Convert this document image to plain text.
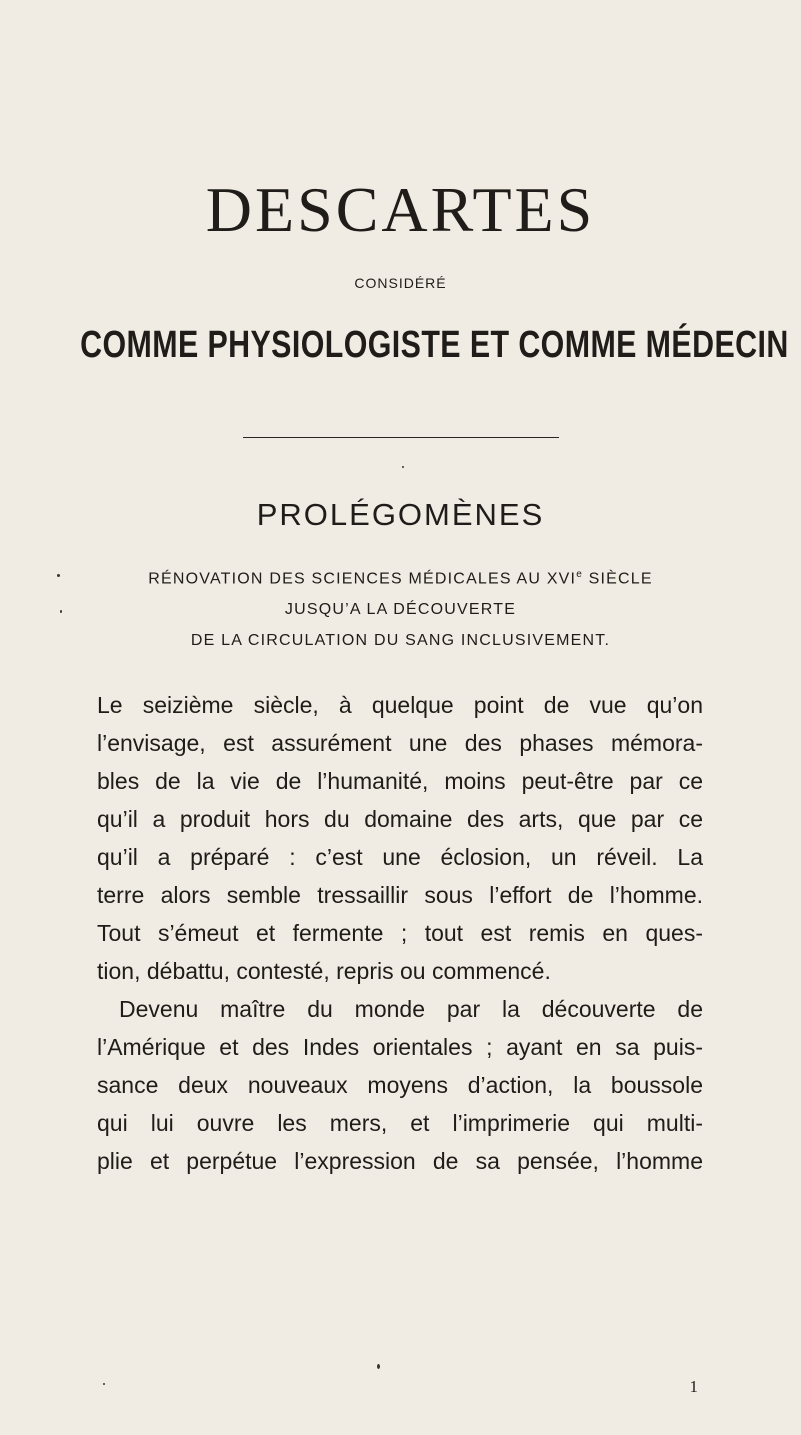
DESCARTES
CONSIDÉRÉ
COMME PHYSIOLOGISTE ET COMME MÉDECIN
PROLÉGOMÈNES
RÉNOVATION DES SCIENCES MÉDICALES AU XVIe SIÈCLE
JUSQU’A LA DÉCOUVERTE
DE LA CIRCULATION DU SANG INCLUSIVEMENT.
Le seizième siècle, à quelque point de vue qu’on
l’envisage, est assurément une des phases mémora-
bles de la vie de l’humanité, moins peut-être par ce
qu’il a produit hors du domaine des arts, que par ce
qu’il a préparé : c’est une éclosion, un réveil. La
terre alors semble tressaillir sous l’effort de l’homme.
Tout s’émeut et fermente ; tout est remis en ques-
tion, débattu, contesté, repris ou commencé.
Devenu maître du monde par la découverte de
l’Amérique et des Indes orientales ; ayant en sa puis-
sance deux nouveaux moyens d’action, la boussole
qui lui ouvre les mers, et l’imprimerie qui multi-
plie et perpétue l’expression de sa pensée, l’homme
1
